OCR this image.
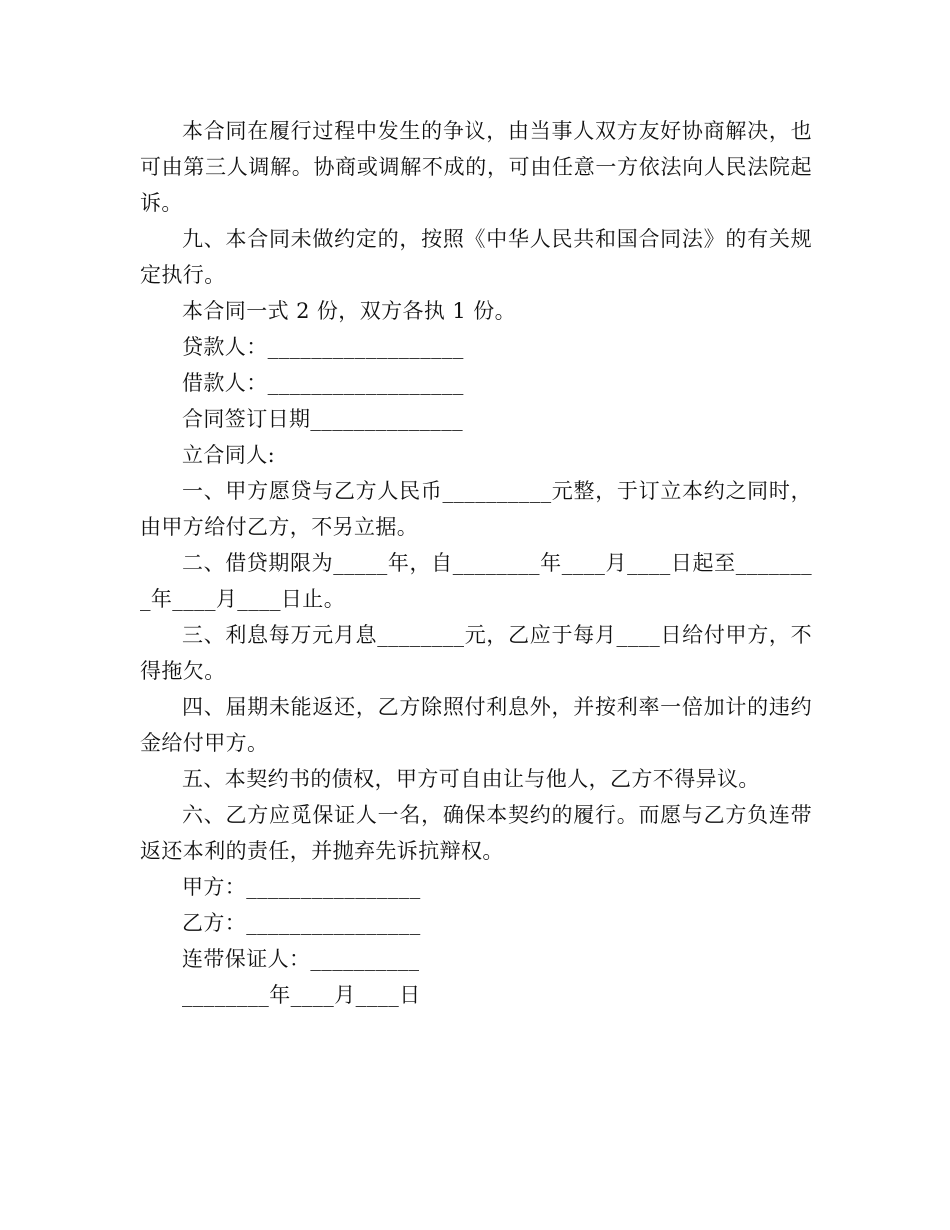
本合同在履行过程中发生的争议，由当事人双方友好协商解决，也可由第三人调解。协商或调解不成的，可由任意一方依法向人民法院起诉。

九、本合同未做约定的，按照《中华人民共和国合同法》的有关规定执行。

本合同一式 2 份，双方各执 1 份。

贷款人：__________________

借款人：__________________

合同签订日期______________

立合同人:

一、甲方愿贷与乙方人民币__________元整，于订立本约之同时，由甲方给付乙方，不另立据。

二、借贷期限为_____年，自________年____月____日起至________年____月____日止。

三、利息每万元月息________元，乙应于每月____日给付甲方，不得拖欠。

四、届期未能返还，乙方除照付利息外，并按利率一倍加计的违约金给付甲方。

五、本契约书的债权，甲方可自由让与他人，乙方不得异议。

六、乙方应觅保证人一名，确保本契约的履行。而愿与乙方负连带返还本利的责任，并抛弃先诉抗辩权。

甲方：________________

乙方：________________

连带保证人：__________

________年____月____日
